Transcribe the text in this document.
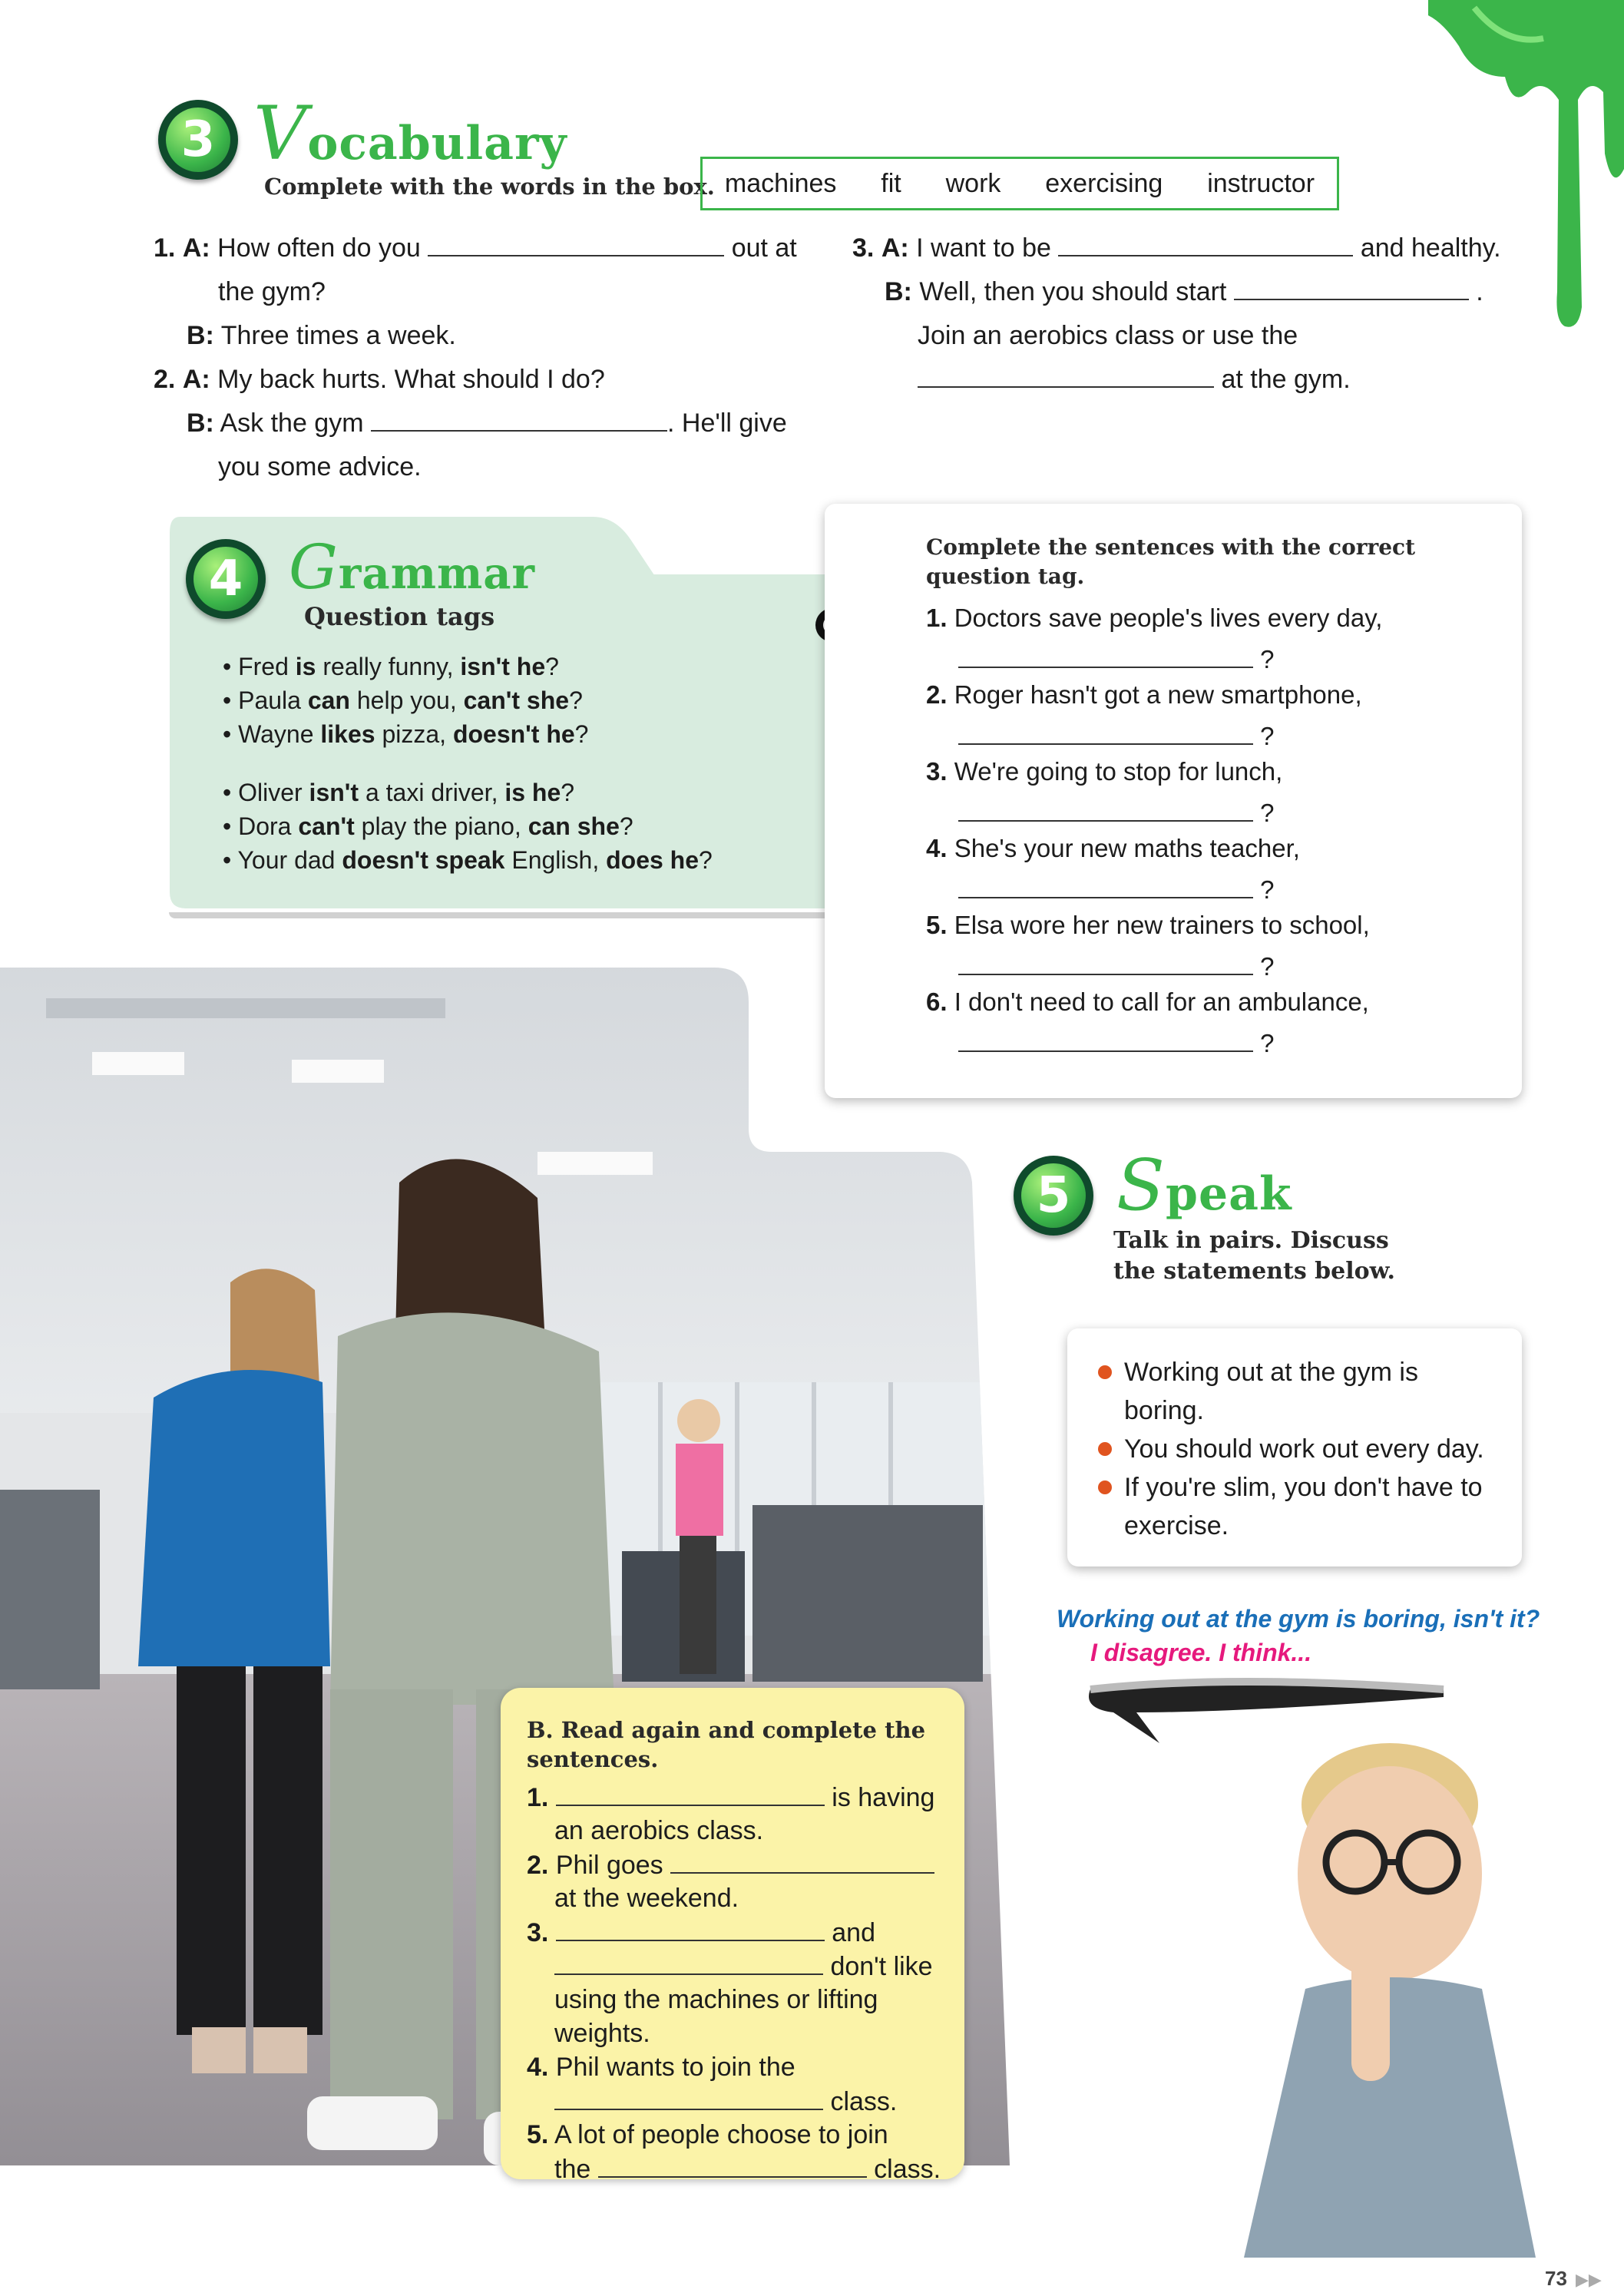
3 Vocabulary
Complete with the words in the box. machines fit work exercising instructor
1. A: How often do you	out at
the gym?
B: Three times a week.
2. A: My back hurts. What should I do?
B: Ask the gym	. He'll give
you some advice.
3. A: I want to be	and healthy.
B: Well, then you should start	.
Join an aerobics class or use the
at the gym.
4 Grammar
Question tags
• Fred is really funny, isn't he?
• Paula can help you, can't she?
• Wayne likes pizza, doesn't he?
• Oliver isn't a taxi driver, is he?
• Dora can't play the piano, can she?
• Your dad doesn't speak English, does he?
Complete the sentences with the correct question tag.
1. Doctors save people's lives every day,
?
2. Roger hasn't got a new smartphone,
?
3. We're going to stop for lunch,
?
4. She's your new maths teacher,
?
5. Elsa wore her new trainers to school,
?
6. I don't need to call for an ambulance,
?
B. Read again and complete the sentences.
1.	is having
an aerobics class.
2. Phil goes
at the weekend.
3.	and
don't like
using the machines or lifting
weights.
4. Phil wants to join the
class.
5. A lot of people choose to join
the	class.
5 Speak
Talk in pairs. Discuss the statements below.
Working out at the gym is boring.
You should work out every day.
If you're slim, you don't have to exercise.
Working out at the gym is boring, isn't it?
I disagree. I think...
73 ▶▶
